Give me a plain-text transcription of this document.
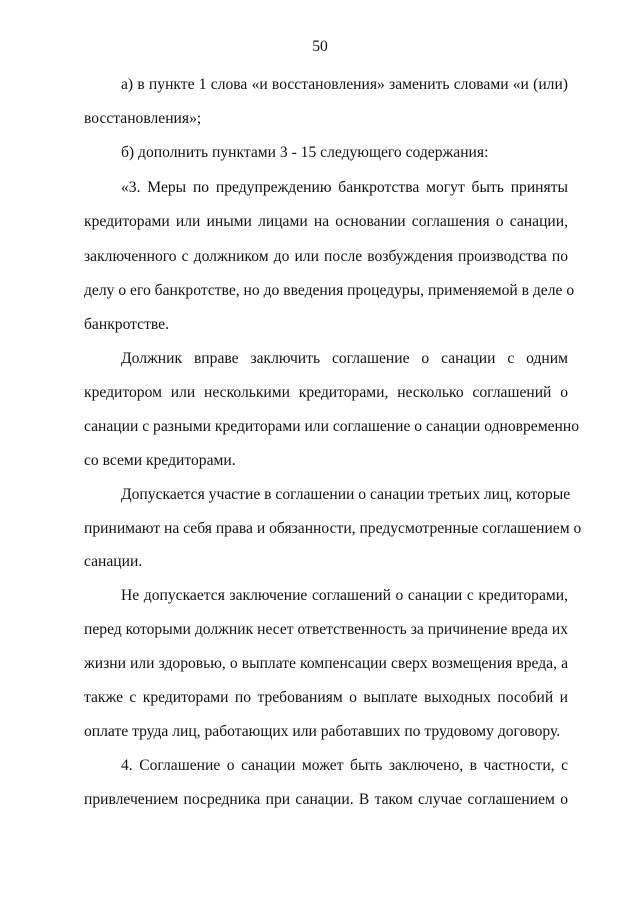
50
а) в пункте 1 слова «и восстановления» заменить словами «и (или)
восстановления»;
б) дополнить пунктами 3 - 15 следующего содержания:
«3. Меры по предупреждению банкротства могут быть приняты
кредиторами или иными лицами на основании соглашения о санации,
заключенного с должником до или после возбуждения производства по
делу о его банкротстве, но до введения процедуры, применяемой в деле о
банкротстве.
Должник вправе заключить соглашение о санации с одним
кредитором или несколькими кредиторами, несколько соглашений о
санации с разными кредиторами или соглашение о санации одновременно
со всеми кредиторами.
Допускается участие в соглашении о санации третьих лиц, которые
принимают на себя права и обязанности, предусмотренные соглашением о
санации.
Не допускается заключение соглашений о санации с кредиторами,
перед которыми должник несет ответственность за причинение вреда их
жизни или здоровью, о выплате компенсации сверх возмещения вреда, а
также с кредиторами по требованиям о выплате выходных пособий и
оплате труда лиц, работающих или работавших по трудовому договору.
4. Соглашение о санации может быть заключено, в частности, с
привлечением посредника при санации. В таком случае соглашением о
